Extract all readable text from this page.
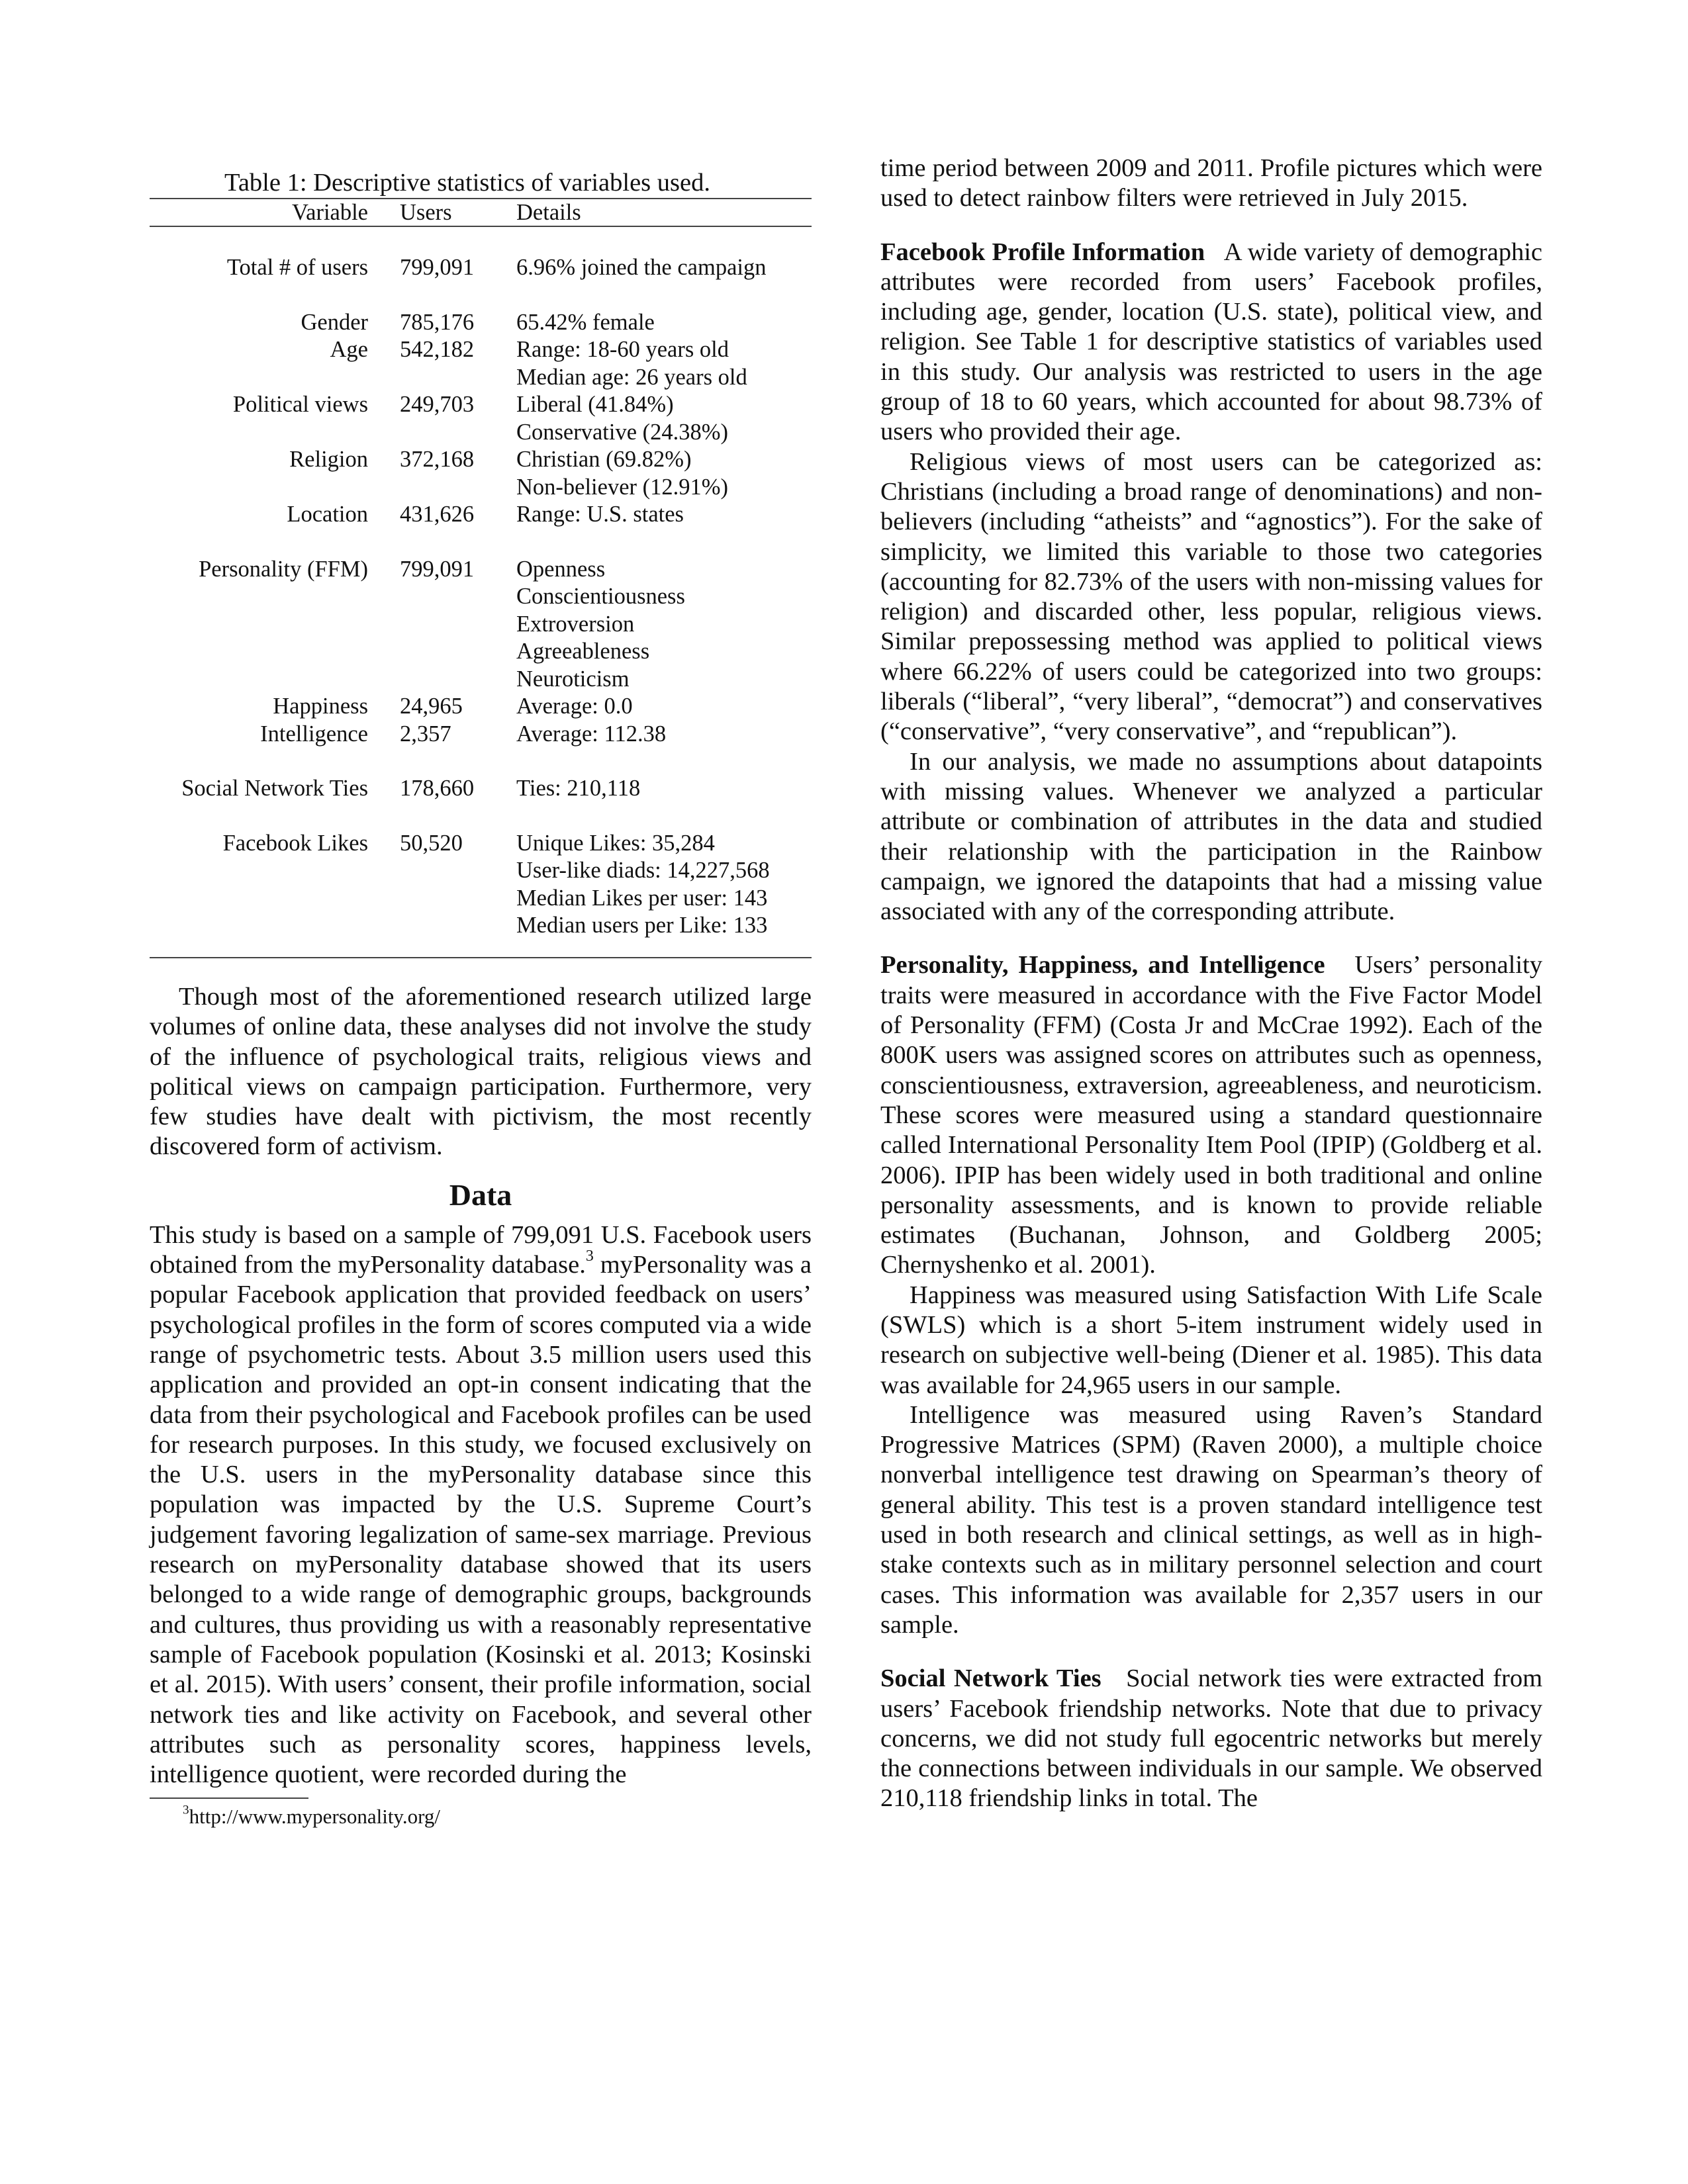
Table 1: Descriptive statistics of variables used.
Variable	Users	Details

Total # of users	799,091	6.96% joined the campaign

Gender	785,176	65.42% female

Age	542,182	Range: 18-60 years old
Median age: 26 years old

Political views	249,703	Liberal (41.84%)
Conservative (24.38%)

Religion	372,168	Christian (69.82%)
Non-believer (12.91%)

Location	431,626	Range: U.S. states

Personality (FFM)	799,091	Openness
Conscientiousness
Extroversion
Agreeableness
Neuroticism

Happiness	24,965	Average: 0.0

Intelligence	2,357	Average: 112.38

Social Network Ties	178,660	Ties: 210,118

Facebook Likes	50,520	Unique Likes: 35,284
User-like diads: 14,227,568
Median Likes per user: 143
Median users per Like: 133

Though most of the aforementioned research utilized large volumes of online data, these analyses did not involve the study of the influence of psychological traits, religious views and political views on campaign participation. Furthermore, very few studies have dealt with pictivism, the most recently discovered form of activism.

Data

This study is based on a sample of 799,091 U.S. Facebook users obtained from the myPersonality database.$^3$ myPersonality was a popular Facebook application that provided feedback on users’ psychological profiles in the form of scores computed via a wide range of psychometric tests. About 3.5 million users used this application and provided an opt-in consent indicating that the data from their psychological and Facebook profiles can be used for research purposes. In this study, we focused exclusively on the U.S. users in the myPersonality database since this population was impacted by the U.S. Supreme Court’s judgement favoring legalization of same-sex marriage. Previous research on myPersonality database showed that its users belonged to a wide range of demographic groups, backgrounds and cultures, thus providing us with a reasonably representative sample of Facebook population (Kosinski et al. 2013; Kosinski et al. 2015). With users’ consent, their profile information, social network ties and like activity on Facebook, and several other attributes such as personality scores, happiness levels, intelligence quotient, were recorded during the

$^3$http://www.mypersonality.org/

time period between 2009 and 2011. Profile pictures which were used to detect rainbow filters were retrieved in July 2015.

Facebook Profile Information A wide variety of demographic attributes were recorded from users’ Facebook profiles, including age, gender, location (U.S. state), political view, and religion. See Table 1 for descriptive statistics of variables used in this study. Our analysis was restricted to users in the age group of 18 to 60 years, which accounted for about 98.73% of users who provided their age.

Religious views of most users can be categorized as: Christians (including a broad range of denominations) and non-believers (including “atheists” and “agnostics”). For the sake of simplicity, we limited this variable to those two categories (accounting for 82.73% of the users with non-missing values for religion) and discarded other, less popular, religious views. Similar prepossessing method was applied to political views where 66.22% of users could be categorized into two groups: liberals (“liberal”, “very liberal”, “democrat”) and conservatives (“conservative”, “very conservative”, and “republican”).

In our analysis, we made no assumptions about datapoints with missing values. Whenever we analyzed a particular attribute or combination of attributes in the data and studied their relationship with the participation in the Rainbow campaign, we ignored the datapoints that had a missing value associated with any of the corresponding attribute.

Personality, Happiness, and Intelligence Users’ personality traits were measured in accordance with the Five Factor Model of Personality (FFM) (Costa Jr and McCrae 1992). Each of the 800K users was assigned scores on attributes such as openness, conscientiousness, extraversion, agreeableness, and neuroticism. These scores were measured using a standard questionnaire called International Personality Item Pool (IPIP) (Goldberg et al. 2006). IPIP has been widely used in both traditional and online personality assessments, and is known to provide reliable estimates (Buchanan, Johnson, and Goldberg 2005; Chernyshenko et al. 2001).

Happiness was measured using Satisfaction With Life Scale (SWLS) which is a short 5-item instrument widely used in research on subjective well-being (Diener et al. 1985). This data was available for 24,965 users in our sample.

Intelligence was measured using Raven’s Standard Progressive Matrices (SPM) (Raven 2000), a multiple choice nonverbal intelligence test drawing on Spearman’s theory of general ability. This test is a proven standard intelligence test used in both research and clinical settings, as well as in high-stake contexts such as in military personnel selection and court cases. This information was available for 2,357 users in our sample.

Social Network Ties Social network ties were extracted from users’ Facebook friendship networks. Note that due to privacy concerns, we did not study full egocentric networks but merely the connections between individuals in our sample. We observed 210,118 friendship links in total. The
